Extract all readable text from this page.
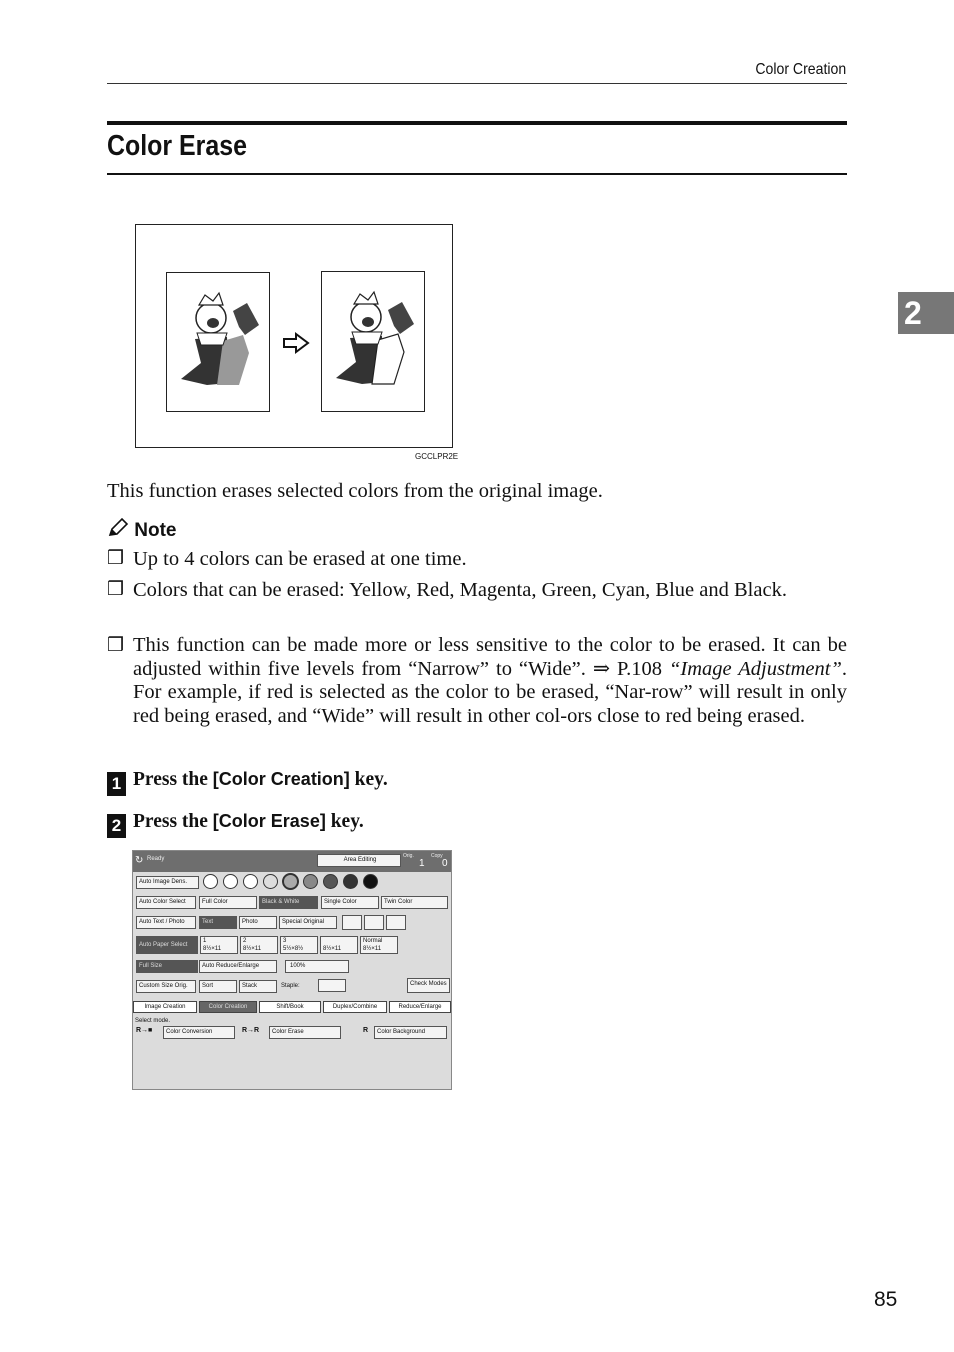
Color Creation
2
Color Erase
GCCLPR2E

This function erases selected colors from the original image.

Note
❒ Up to 4 colors can be erased at one time.
❒ Colors that can be erased: Yellow, Red, Magenta, Green, Cyan, Blue and Black.
❒ This function can be made more or less sensitive to the color to be erased. It can be adjusted within five levels from “Narrow” to “Wide”. ⇒ P.108 “Image Adjustment”. For example, if red is selected as the color to be erased, “Nar-row” will result in only red being erased, and “Wide” will result in other col-ors close to red being erased.
1 Press the [Color Creation] key.
2 Press the [Color Erase] key.
↻ Ready	Area Editing
Orig.
1
Copy
0
Auto Image Dens.
Auto Color Select	Full Color	Black & White	Single Color	Twin Color
Auto Text / Photo	Text	Photo	Special Original
Auto Paper Select
1
8½×11
2
8½×11
3
5½×8½	8½×11
Normal
8½×11
Full Size	Auto Reduce/Enlarge	100%
Custom Size Orig.	Sort	Stack	Staple:	Check Modes
Image Creation	Color Creation	Shift/Book	Duplex/Combine	Reduce/Enlarge
Select mode.
R→■	Color Conversion	R→R	Color Erase	R	Color Background
85
